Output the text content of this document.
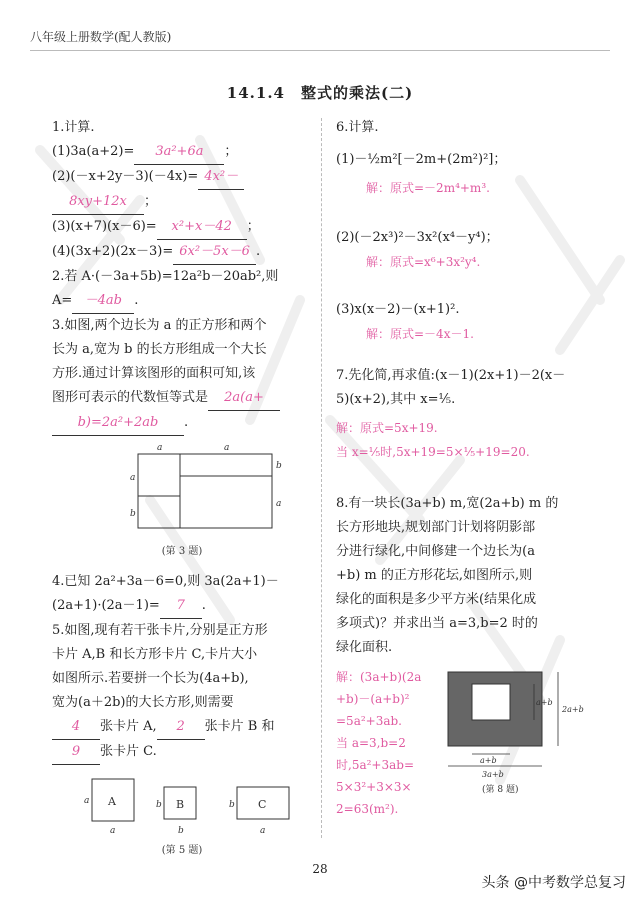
八年级上册数学(配人教版)
14.1.4　整式的乘法(二)
1.计算.
(1)3a(a+2)= 3a²+6a ；
(2)(－x+2y－3)(－4x)= 4x²－
8xy+12x ；
(3)(x+7)(x－6)= x²+x－42 ；
(4)(3x+2)(2x－3)= 6x²－5x－6 .
2.若 A·(－3a+5b)=12a²b－20ab²,则
A= －4ab .
3.如图,两个边长为 a 的正方形和两个
长为 a,宽为 b 的长方形组成一个大长
方形.通过计算该图形的面积可知,该
图形可表示的代数恒等式是 2a(a+
b)=2a²+2ab .
a	a
a
b
b
a
(第 3 题)
4.已知 2a²+3a－6=0,则 3a(2a+1)－
(2a+1)·(2a－1)= 7 .
5.如图,现有若干张卡片,分别是正方形
卡片 A,B 和长方形卡片 C,卡片大小
如图所示.若要拼一个长为(4a+b),
宽为(a＋2b)的大长方形,则需要
4 张卡片 A, 2 张卡片 B 和
9 张卡片 C.
A	B	C
a
a
b
b
b
a
(第 5 题)
6.计算.
(1)－½m²[－2m+(2m²)²]；
解：原式=－2m⁴+m³.
(2)(－2x³)²－3x²(x⁴－y⁴)；
解：原式=x⁶+3x²y⁴.
(3)x(x－2)－(x+1)².
解：原式=－4x－1.
7.先化简,再求值:(x－1)(2x+1)－2(x－
5)(x+2),其中 x=⅕.
解：原式=5x+19.
当 x=⅕时,5x+19=5×⅕+19=20.
8.有一块长(3a+b) m,宽(2a+b) m 的
长方形地块,规划部门计划将阴影部
分进行绿化,中间修建一个边长为(a
+b) m 的正方形花坛,如图所示,则
绿化的面积是多少平方米(结果化成
多项式)？并求出当 a=3,b=2 时的
绿化面积.
解：(3a+b)(2a
+b)－(a+b)²
=5a²+3ab.
当 a=3,b=2
时,5a²+3ab=
5×3²+3×3×
2=63(m²).
a+b
2a+b
a+b
3a+b
(第 8 题)
28
头条 @中考数学总复习
